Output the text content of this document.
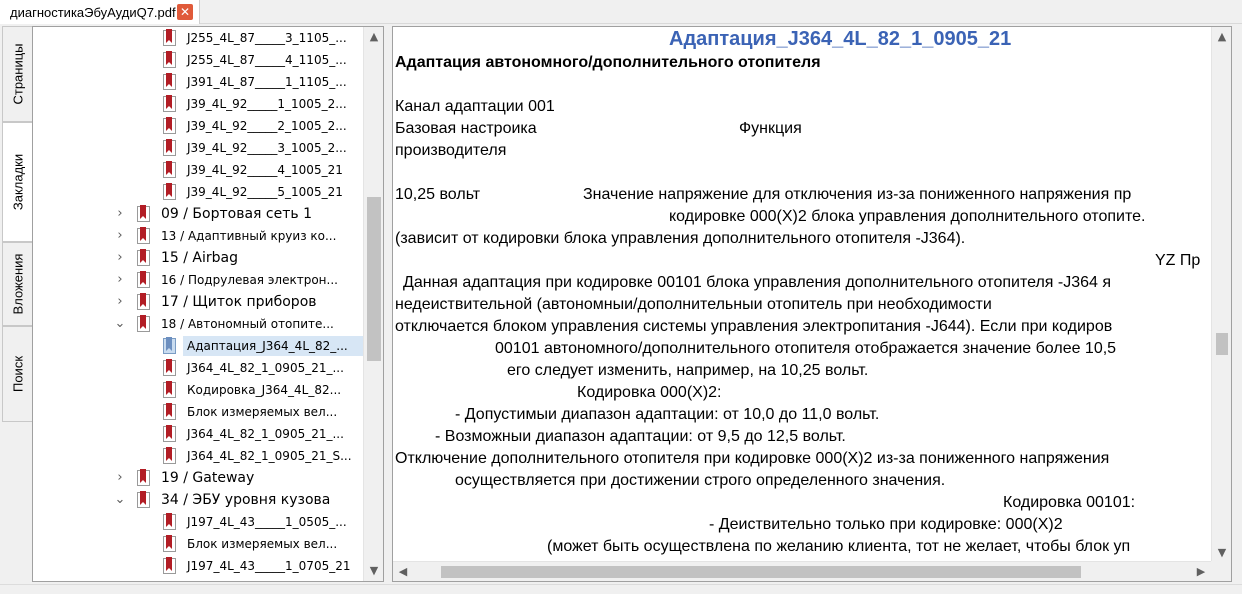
диагностикаЭбуАудиQ7.pdf ✕
Страницы
Закладки
Вложения
Поиск
J255_4L_87_____3_1105_...
J255_4L_87_____4_1105_...
J391_4L_87_____1_1105_...
J39_4L_92_____1_1005_2...
J39_4L_92_____2_1005_2...
J39_4L_92_____3_1005_2...
J39_4L_92_____4_1005_21
J39_4L_92_____5_1005_21
›	09 / Бортовая сеть 1
›	13 / Адаптивный круиз ко...
›	15 / Airbag
›	16 / Подрулевая электрон...
›	17 / Щиток приборов
⌄	18 / Автономный отопите...
Адаптация_J364_4L_82_...
J364_4L_82_1_0905_21_...
Кодировка_J364_4L_82...
Блок измеряемых вел...
J364_4L_82_1_0905_21_...
J364_4L_82_1_0905_21_S...
›	19 / Gateway
⌄	34 / ЭБУ уровня кузова
J197_4L_43_____1_0505_...
Блок измеряемых вел...
J197_4L_43_____1_0705_21
▲
▼
Адаптация_J364_4L_82_1_0905_21
Адаптация автономного/дополнительного отопителя
Канал адаптации 001
Базовая настроика	Функция
производителя
10,25 вольт	Значение напряжение для отключения из-за пониженного напряжения пр
кодировке 000(X)2 блока управления дополнительного отопите.
(зависит от кодировки блока управления дополнительного отопителя -J364).
YZ Пр
Данная адаптация при кодировке 00101 блока управления дополнительного отопителя -J364 я
недеиствительной (автономныи/дополнительныи отопитель при необходимости
отключается блоком управления системы управления электропитания -J644). Если при кодиров
00101 автономного/дополнительного отопителя отображается значение более 10,5
его следует изменить, например, на 10,25 вольт.
Кодировка 000(X)2:
- Допустимыи диапазон адаптации: от 10,0 до 11,0 вольт.
- Возможныи диапазон адаптации: от 9,5 до 12,5 вольт.
Отключение дополнительного отопителя при кодировке 000(X)2 из-за пониженного напряжения
осуществляется при достижении строго определенного значения.
Кодировка 00101:
- Деиствительно только при кодировке: 000(X)2
(может быть осуществлена по желанию клиента, тот не желает, чтобы блок уп
▲
▼
◀	▶
